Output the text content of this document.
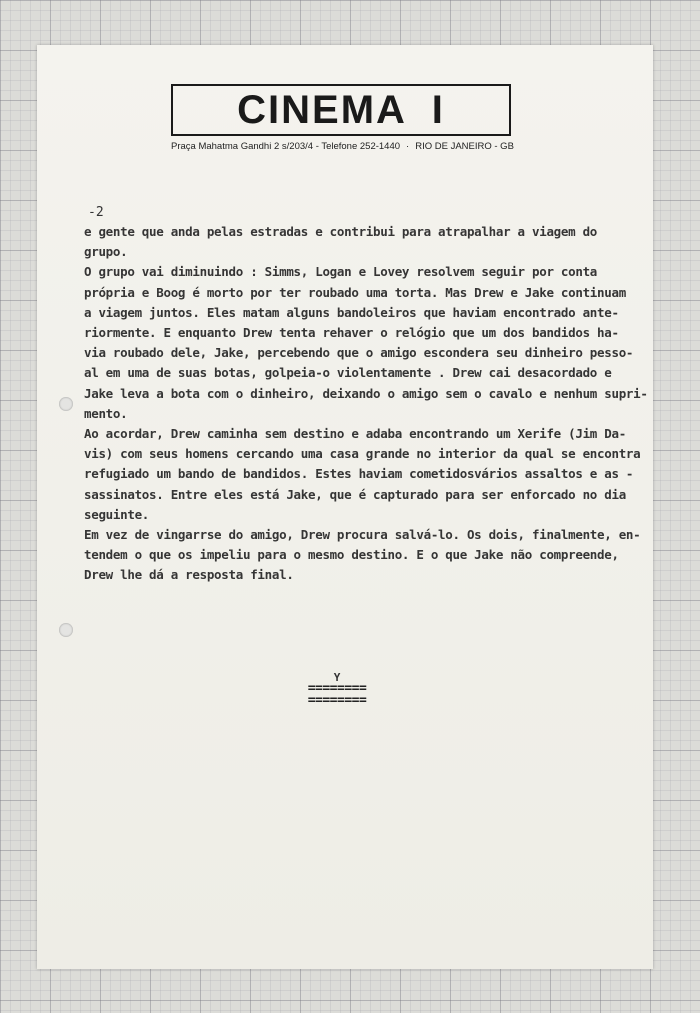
CINEMA  I
Praça Mahatma Gandhi 2 s/203/4 - Telefone 252-1440 · RIO DE JANEIRO - GB
-2
e gente que anda pelas estradas e contribui para atrapalhar a viagem do
grupo.
O grupo vai diminuindo : Simms, Logan e Lovey resolvem seguir por conta
própria e Boog é morto por ter roubado uma torta. Mas Drew e Jake continuam
a viagem juntos. Eles matam alguns bandoleiros que haviam encontrado ante-
riormente. E enquanto Drew tenta rehaver o relógio que um dos bandidos ha-
via roubado dele, Jake, percebendo que o amigo escondera seu dinheiro pesso-
al em uma de suas botas, golpeia-o violentamente . Drew cai desacordado e
Jake leva a bota com o dinheiro, deixando o amigo sem o cavalo e nenhum supri-
mento.
Ao acordar, Drew caminha sem destino e adaba encontrando um Xerife (Jim Da-
vis) com seus homens cercando uma casa grande no interior da qual se encontra
refugiado um bando de bandidos. Estes haviam cometidosvários assaltos e as -
sassinatos. Entre eles está Jake, que é capturado para ser enforcado no dia
seguinte.
Em vez de vingarrse do amigo, Drew procura salvá-lo. Os dois, finalmente, en-
tendem o que os impeliu para o mesmo destino. E o que Jake não compreende,
Drew lhe dá a resposta final.
Y
========
========
